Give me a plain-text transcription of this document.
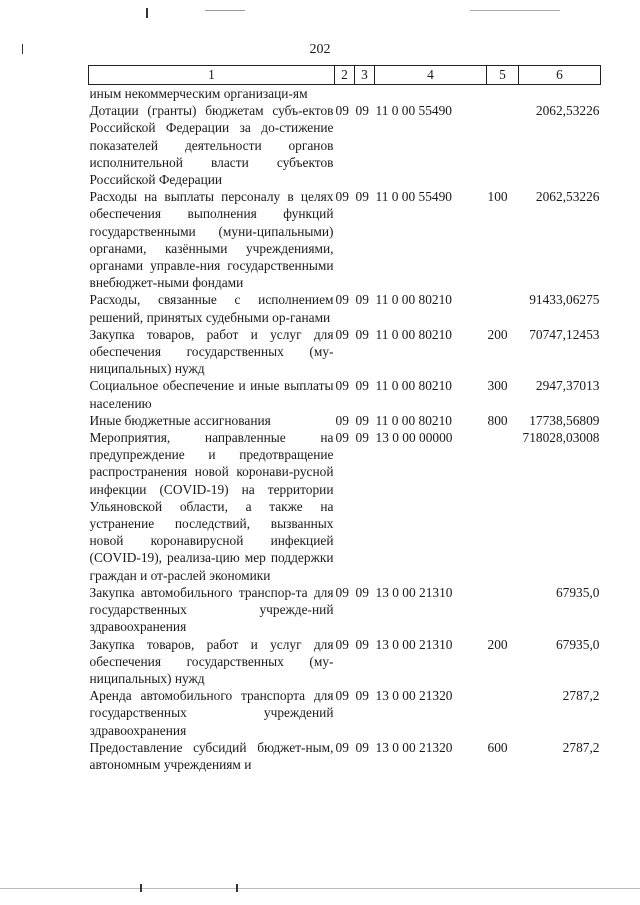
202
1	2	3	4	5	6
иным некоммерческим организаци-ям					
Дотации (гранты) бюджетам субъ-ектов Российской Федерации за до-стижение показателей деятельности органов исполнительной власти субъектов Российской Федерации	09	09	11 0 00 55490		2062,53226
Расходы на выплаты персоналу в целях обеспечения выполнения функций государственными (муни-ципальными) органами, казёнными учреждениями, органами управле-ния государственными внебюджет-ными фондами	09	09	11 0 00 55490	100	2062,53226
Расходы, связанные с исполнением решений, принятых судебными ор-ганами	09	09	11 0 00 80210		91433,06275
Закупка товаров, работ и услуг для обеспечения государственных (му-ниципальных) нужд	09	09	11 0 00 80210	200	70747,12453
Социальное обеспечение и иные выплаты населению	09	09	11 0 00 80210	300	2947,37013
Иные бюджетные ассигнования	09	09	11 0 00 80210	800	17738,56809
Мероприятия, направленные на предупреждение и предотвращение распространения новой коронави-русной инфекции (COVID-19) на территории Ульяновской области, а также на устранение последствий, вызванных новой коронавирусной инфекцией (COVID-19), реализа-цию мер поддержки граждан и от-раслей экономики	09	09	13 0 00 00000		718028,03008
Закупка автомобильного транспор-та для государственных учрежде-ний здравоохранения	09	09	13 0 00 21310		67935,0
Закупка товаров, работ и услуг для обеспечения государственных (му-ниципальных) нужд	09	09	13 0 00 21310	200	67935,0
Аренда автомобильного транспорта для государственных учреждений здравоохранения	09	09	13 0 00 21320		2787,2
Предоставление субсидий бюджет-ным, автономным учреждениям и	09	09	13 0 00 21320	600	2787,2
